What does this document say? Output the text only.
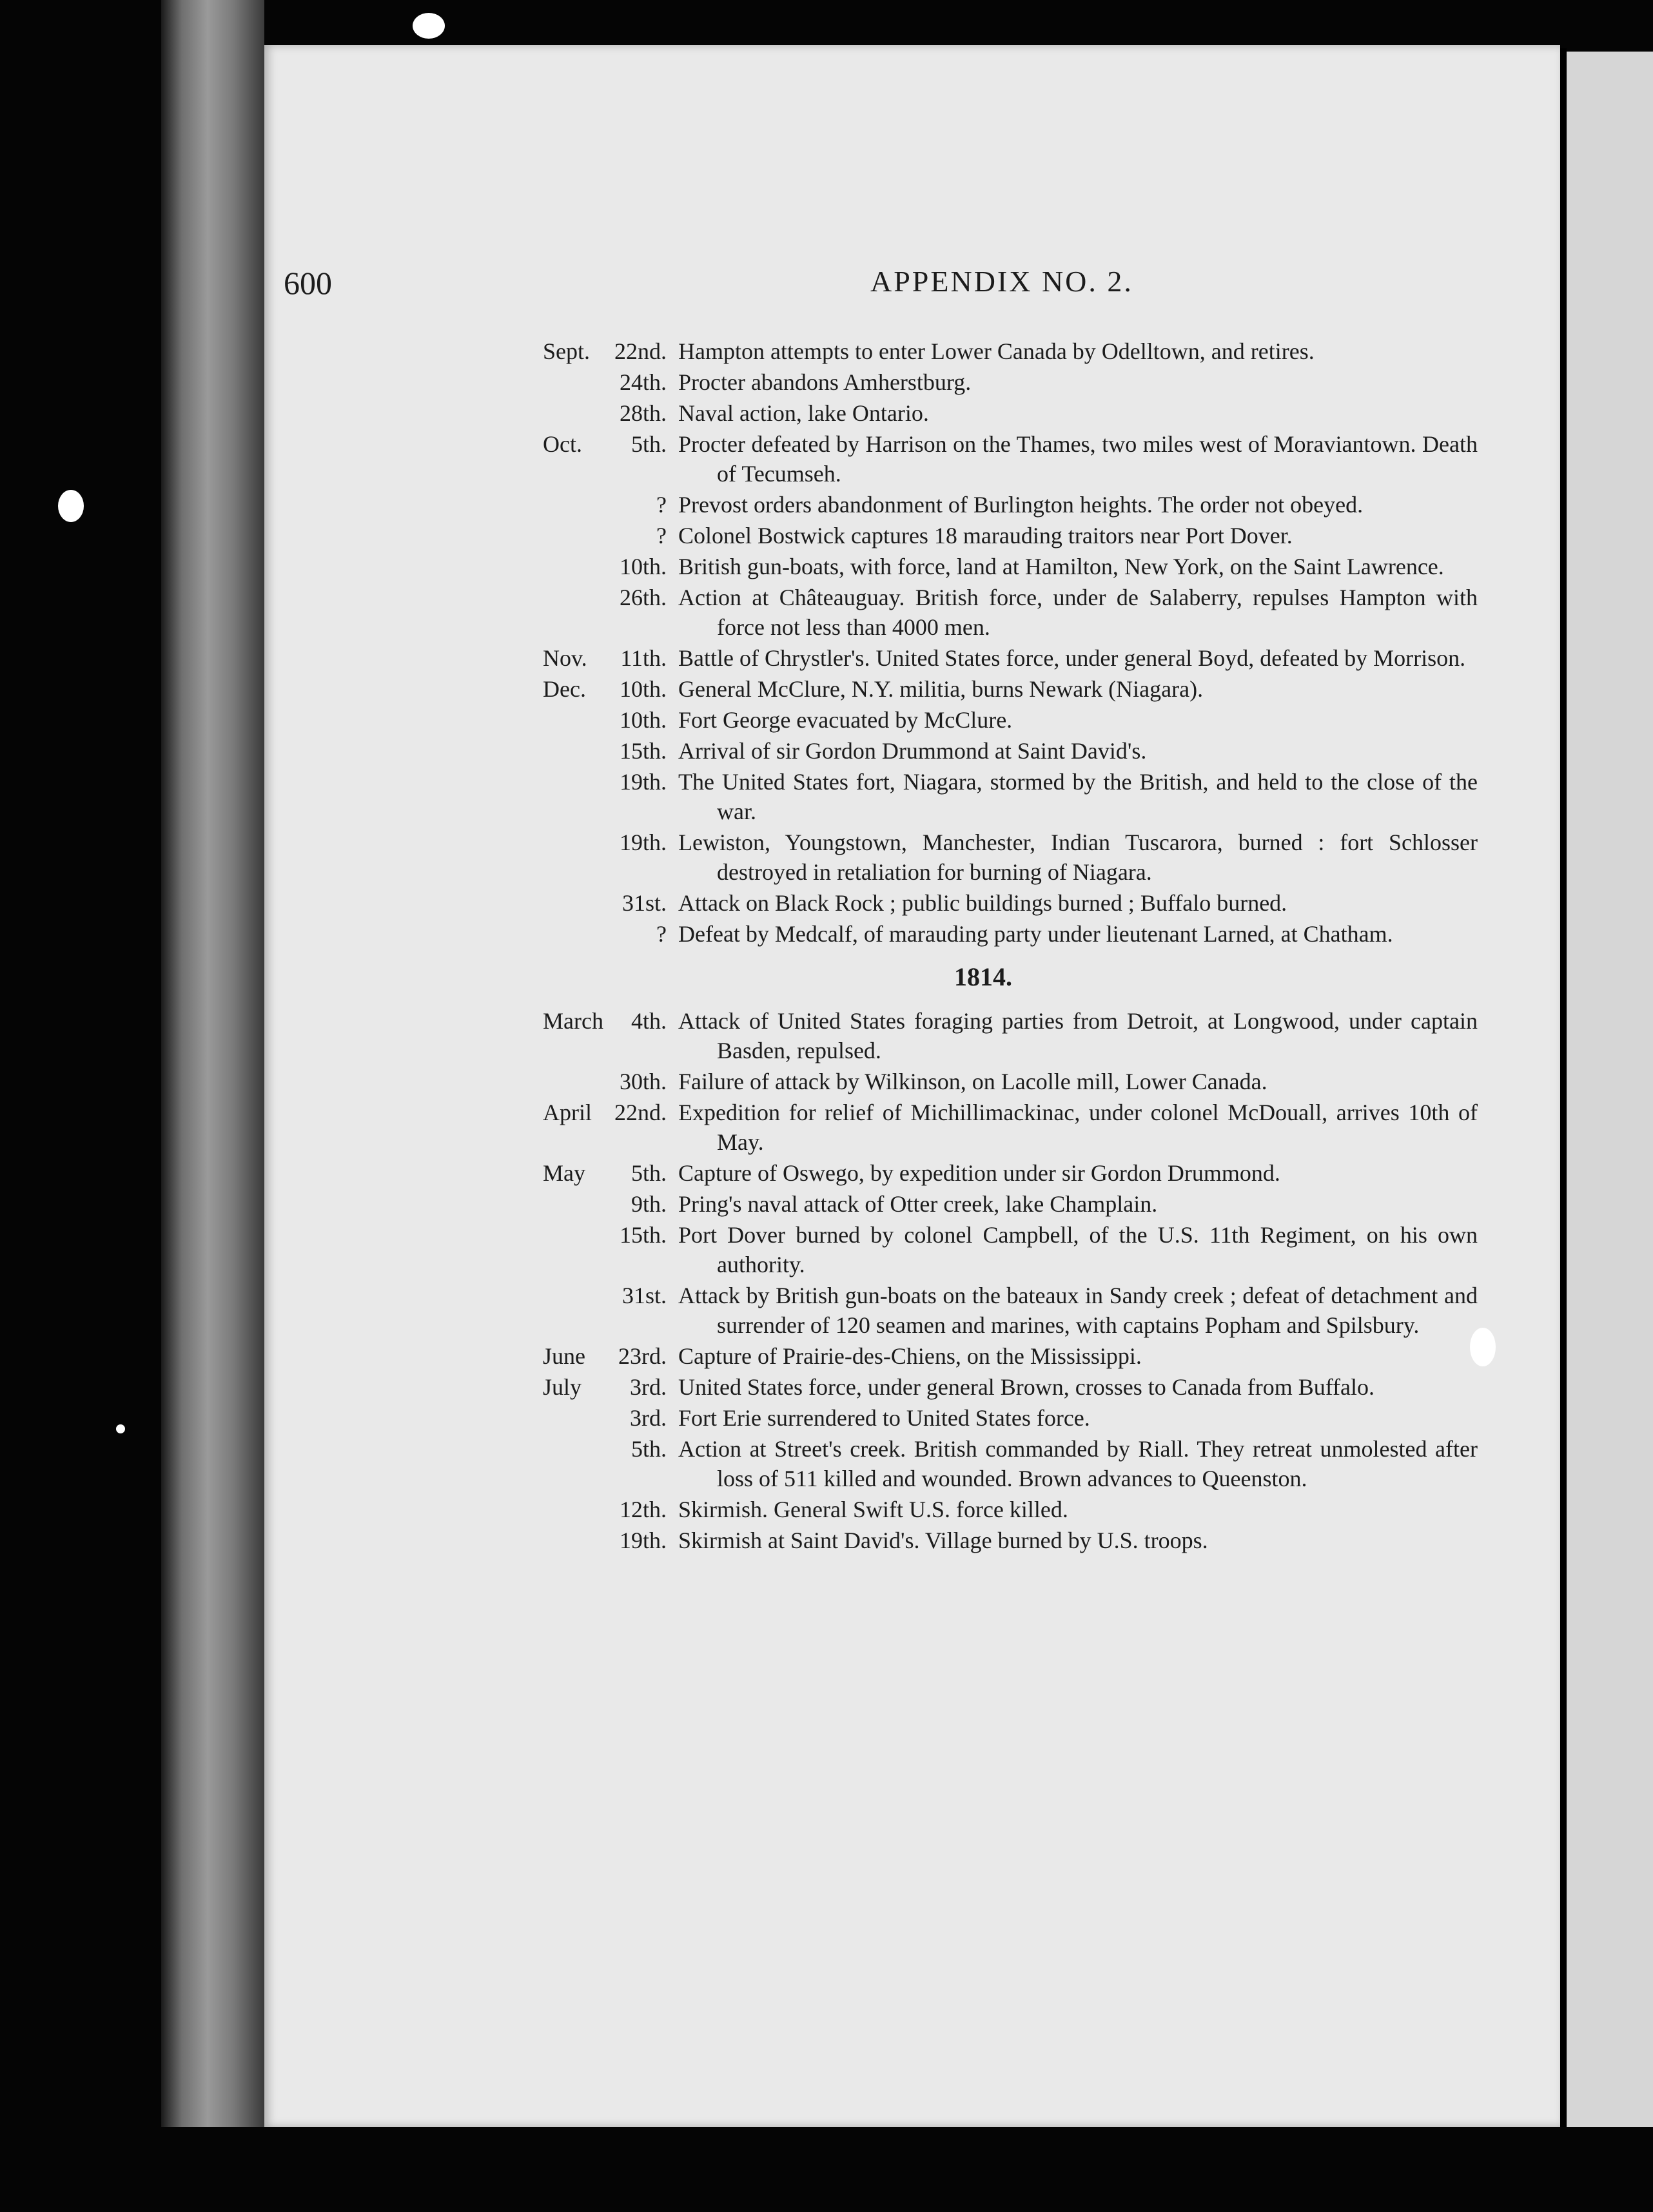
600	APPENDIX NO. 2.
Sept. 22nd. Hampton attempts to enter Lower Canada by Odelltown, and retires.
24th. Procter abandons Amherstburg.
28th. Naval action, lake Ontario.
Oct. 5th. Procter defeated by Harrison on the Thames, two miles west of Moraviantown. Death of Tecumseh.
? Prevost orders abandonment of Burlington heights. The order not obeyed.
? Colonel Bostwick captures 18 marauding traitors near Port Dover.
10th. British gun-boats, with force, land at Hamilton, New York, on the Saint Lawrence.
26th. Action at Châteauguay. British force, under de Salaberry, repulses Hampton with force not less than 4000 men.
Nov. 11th. Battle of Chrystler's. United States force, under general Boyd, defeated by Morrison.
Dec. 10th. General McClure, N.Y. militia, burns Newark (Niagara).
10th. Fort George evacuated by McClure.
15th. Arrival of sir Gordon Drummond at Saint David's.
19th. The United States fort, Niagara, stormed by the British, and held to the close of the war.
19th. Lewiston, Youngstown, Manchester, Indian Tuscarora, burned : fort Schlosser destroyed in retaliation for burning of Niagara.
31st. Attack on Black Rock ; public buildings burned ; Buffalo burned.
? Defeat by Medcalf, of marauding party under lieutenant Larned, at Chatham.
1814.
March 4th. Attack of United States foraging parties from Detroit, at Longwood, under captain Basden, repulsed.
30th. Failure of attack by Wilkinson, on Lacolle mill, Lower Canada.
April 22nd. Expedition for relief of Michillimackinac, under colonel McDouall, arrives 10th of May.
May 5th. Capture of Oswego, by expedition under sir Gordon Drummond.
9th. Pring's naval attack of Otter creek, lake Champlain.
15th. Port Dover burned by colonel Campbell, of the U.S. 11th Regiment, on his own authority.
31st. Attack by British gun-boats on the bateaux in Sandy creek ; defeat of detachment and surrender of 120 seamen and marines, with captains Popham and Spilsbury.
June 23rd. Capture of Prairie-des-Chiens, on the Mississippi.
July 3rd. United States force, under general Brown, crosses to Canada from Buffalo.
3rd. Fort Erie surrendered to United States force.
5th. Action at Street's creek. British commanded by Riall. They retreat unmolested after loss of 511 killed and wounded. Brown advances to Queenston.
12th. Skirmish. General Swift U.S. force killed.
19th. Skirmish at Saint David's. Village burned by U.S. troops.
